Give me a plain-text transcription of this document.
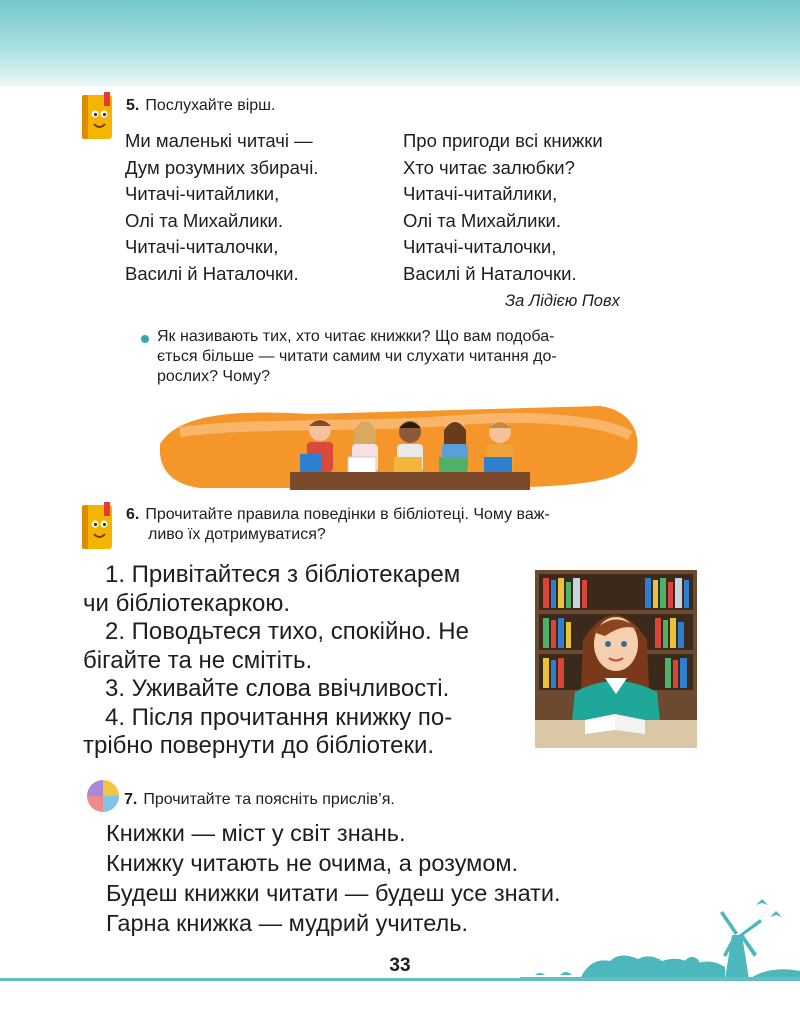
5. Послухайте вірш.
Ми маленькі читачі —
Дум розумних збирачі.
Читачі-читайлики,
Олі та Михайлики.
Читачі-читалочки,
Василі й Наталочки.
Про пригоди всі книжки
Хто читає залюбки?
Читачі-читайлики,
Олі та Михайлики.
Читачі-читалочки,
Василі й Наталочки.
За Лідією Повх
Як називають тих, хто читає книжки? Що вам подоба-
ється більше — читати самим чи слухати читання до-
рослих? Чому?
6. Прочитайте правила поведінки в бібліотеці. Чому важ-
ливо їх дотримуватися?
1. Привітайтеся з бібліотекарем
чи бібліотекаркою.
2. Поводьтеся тихо, спокійно. Не
бігайте та не смітіть.
3. Уживайте слова ввічливості.
4. Після прочитання книжку по-
трібно повернути до бібліотеки.
7. Прочитайте та поясніть прислів’я.
Книжки — міст у світ знань.
Книжку читають не очима, а розумом.
Будеш книжки читати — будеш усе знати.
Гарна книжка — мудрий учитель.
33
